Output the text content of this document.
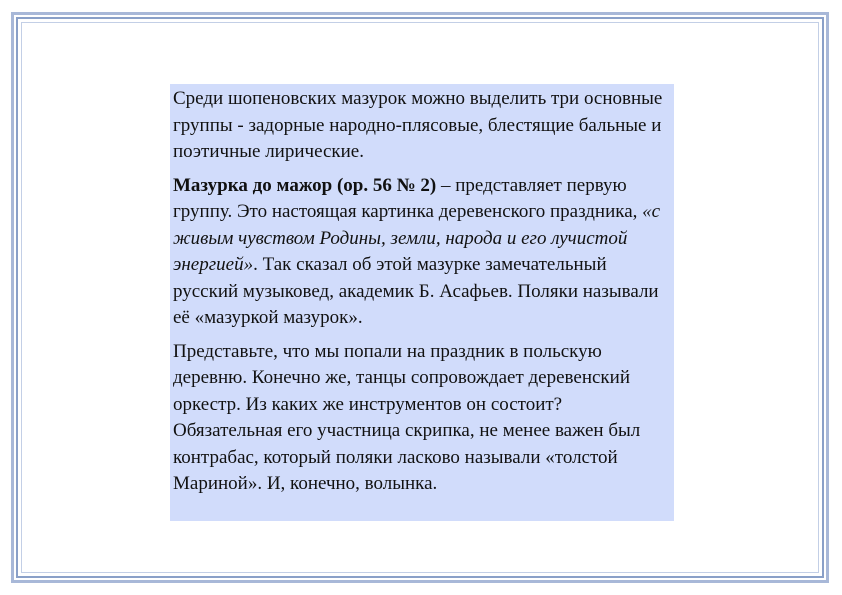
Среди шопеновских мазурок можно выделить три основные группы - задорные народно-плясовые, блестящие бальные и поэтичные лирические.

Мазурка до мажор (ор. 56 № 2) – представляет первую группу. Это настоящая картинка деревенского праздника, «с живым чувством Родины, земли, народа и его лучистой энергией». Так сказал об этой мазурке замечательный русский музыковед, академик Б. Асафьев. Поляки называли её «мазуркой мазурок».

Представьте, что мы попали на праздник в польскую деревню. Конечно же, танцы сопровождает деревенский оркестр. Из каких же инструментов он состоит? Обязательная его участница скрипка, не менее важен был контрабас, который поляки ласково называли «толстой Мариной». И, конечно, волынка.
